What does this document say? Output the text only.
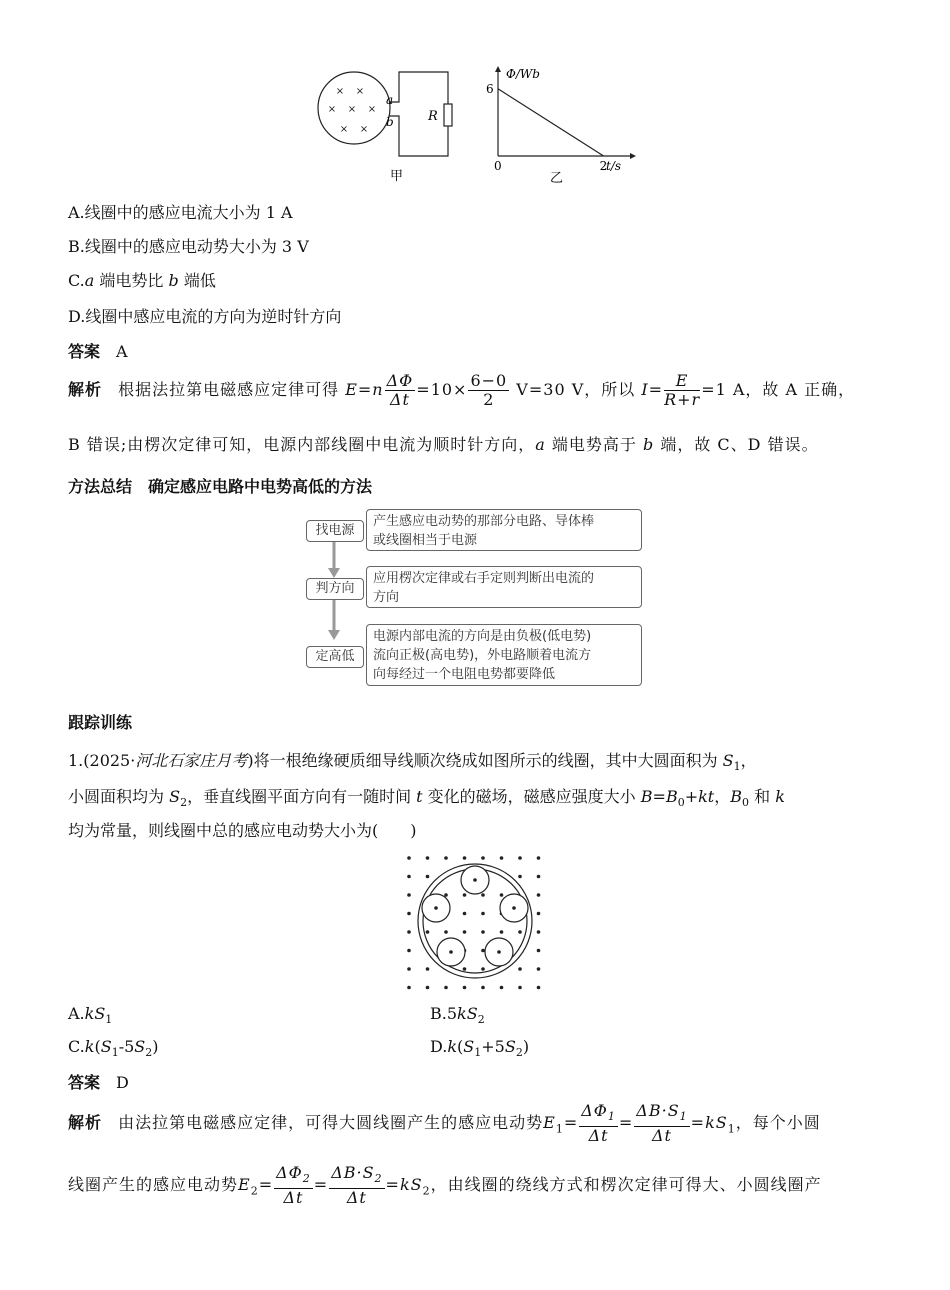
× ×
× × ×
× ×
a
b	R
甲
Φ/Wb
t/s
0
6
2
乙
A.线圈中的感应电流大小为 1 A
B.线圈中的感应电动势大小为 3 V
C.a 端电势比 b 端低
D.线圈中感应电流的方向为逆时针方向
答案 A
解析 根据法拉第电磁感应定律可得 $E=n \frac{\Delta\Phi}{\Delta t} =10\times \frac{6-0}{2} V=30$ V，所以 $I= \frac{E}{R+r} =1$ A，故 A 正确，
B 错误;由楞次定律可知，电源内部线圈中电流为顺时针方向，a 端电势高于 b 端，故 C、D 错误。
方法总结 确定感应电路中电势高低的方法
找电源
产生感应电动势的那部分电路、导体棒
或线圈相当于电源
判方向
应用楞次定律或右手定则判断出电流的
方向
定高低
电源内部电流的方向是由负极(低电势)
流向正极(高电势)，外电路顺着电流方
向每经过一个电阻电势都要降低
跟踪训练
1.(2025·河北石家庄月考)将一根绝缘硬质细导线顺次绕成如图所示的线圈，其中大圆面积为 $S_1$，
小圆面积均为 $S_2$，垂直线圈平面方向有一随时间 t 变化的磁场，磁感应强度大小 $B=B_0+kt$，$B_0$ 和 k
均为常量，则线圈中总的感应电动势大小为(　　)
$A.kS_1$	$B.5kS_2$
$C.k(S_1-5S_2)$	$D.k(S_1+5S_2)$
答案 D
解析 由法拉第电磁感应定律，可得大圆线圈产生的感应电动势$E_1= \frac{\Delta\Phi_1}{\Delta t} = \frac{\Delta B\cdot S_1}{\Delta t} =kS_1$，每个小圆
线圈产生的感应电动势$E_2= \frac{\Delta\Phi_2}{\Delta t} = \frac{\Delta B\cdot S_2}{\Delta t} =kS_2$，由线圈的绕线方式和楞次定律可得大、小圆线圈产
